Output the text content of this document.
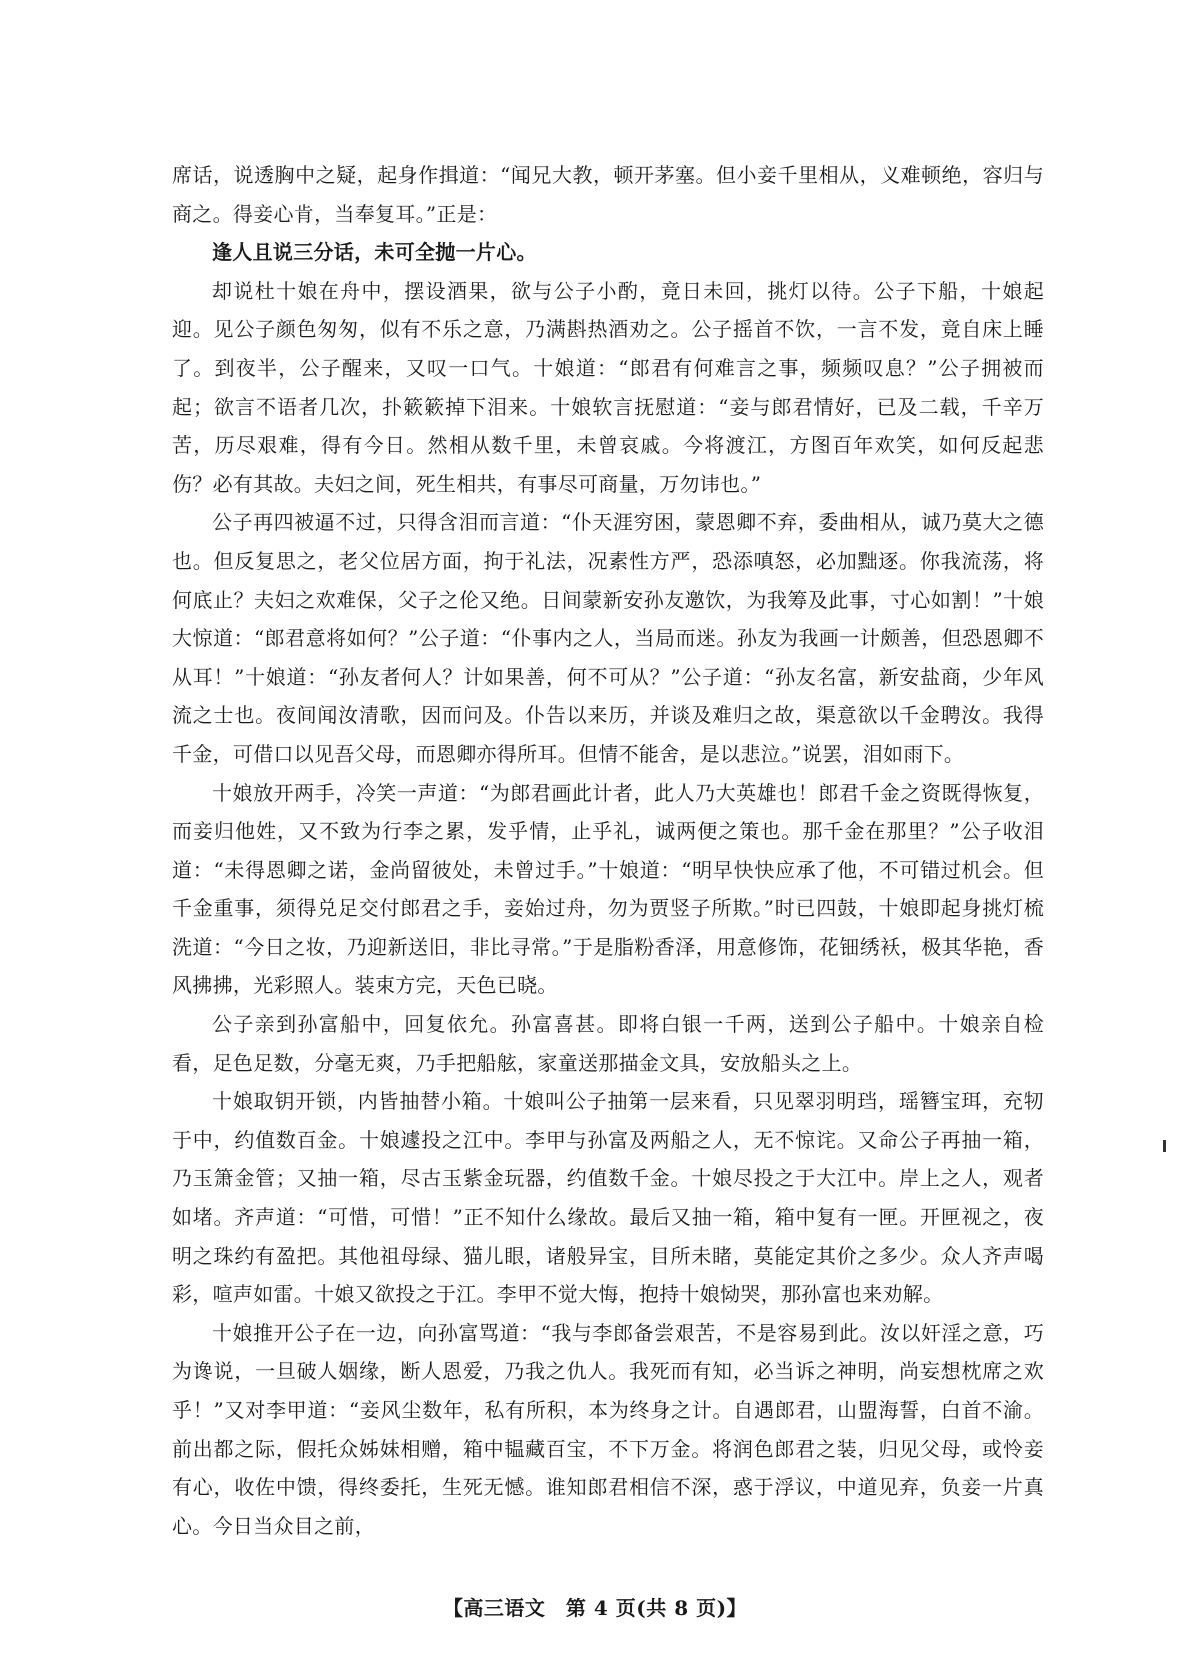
席话，说透胸中之疑，起身作揖道：“闻兄大教，顿开茅塞。但小妾千里相从，义难顿绝，容归与商之。得妾心肯，当奉复耳。”正是：

逢人且说三分话，未可全抛一片心。

却说杜十娘在舟中，摆设酒果，欲与公子小酌，竟日未回，挑灯以待。公子下船，十娘起迎。见公子颜色匆匆，似有不乐之意，乃满斟热酒劝之。公子摇首不饮，一言不发，竟自床上睡了。到夜半，公子醒来，又叹一口气。十娘道：“郎君有何难言之事，频频叹息？”公子拥被而起；欲言不语者几次，扑簌簌掉下泪来。十娘软言抚慰道：“妾与郎君情好，已及二载，千辛万苦，历尽艰难，得有今日。然相从数千里，未曾哀戚。今将渡江，方图百年欢笑，如何反起悲伤？必有其故。夫妇之间，死生相共，有事尽可商量，万勿讳也。”

公子再四被逼不过，只得含泪而言道：“仆天涯穷困，蒙恩卿不弃，委曲相从，诚乃莫大之德也。但反复思之，老父位居方面，拘于礼法，况素性方严，恐添嗔怒，必加黜逐。你我流荡，将何底止？夫妇之欢难保，父子之伦又绝。日间蒙新安孙友邀饮，为我筹及此事，寸心如割！”十娘大惊道：“郎君意将如何？”公子道：“仆事内之人，当局而迷。孙友为我画一计颇善，但恐恩卿不从耳！”十娘道：“孙友者何人？计如果善，何不可从？”公子道：“孙友名富，新安盐商，少年风流之士也。夜间闻汝清歌，因而问及。仆告以来历，并谈及难归之故，渠意欲以千金聘汝。我得千金，可借口以见吾父母，而恩卿亦得所耳。但情不能舍，是以悲泣。”说罢，泪如雨下。

十娘放开两手，冷笑一声道：“为郎君画此计者，此人乃大英雄也！郎君千金之资既得恢复，而妾归他姓，又不致为行李之累，发乎情，止乎礼，诚两便之策也。那千金在那里？”公子收泪道：“未得恩卿之诺，金尚留彼处，未曾过手。”十娘道：“明早快快应承了他，不可错过机会。但千金重事，须得兑足交付郎君之手，妾始过舟，勿为贾竖子所欺。”时已四鼓，十娘即起身挑灯梳洗道：“今日之妆，乃迎新送旧，非比寻常。”于是脂粉香泽，用意修饰，花钿绣袄，极其华艳，香风拂拂，光彩照人。装束方完，天色已晓。

公子亲到孙富船中，回复依允。孙富喜甚。即将白银一千两，送到公子船中。十娘亲自检看，足色足数，分毫无爽，乃手把船舷，家童送那描金文具，安放船头之上。

十娘取钥开锁，内皆抽替小箱。十娘叫公子抽第一层来看，只见翠羽明珰，瑶簪宝珥，充牣于中，约值数百金。十娘遽投之江中。李甲与孙富及两船之人，无不惊诧。又命公子再抽一箱，乃玉箫金管；又抽一箱，尽古玉紫金玩器，约值数千金。十娘尽投之于大江中。岸上之人，观者如堵。齐声道：“可惜，可惜！”正不知什么缘故。最后又抽一箱，箱中复有一匣。开匣视之，夜明之珠约有盈把。其他祖母绿、猫儿眼，诸般异宝，目所未睹，莫能定其价之多少。众人齐声喝彩，喧声如雷。十娘又欲投之于江。李甲不觉大悔，抱持十娘恸哭，那孙富也来劝解。

十娘推开公子在一边，向孙富骂道：“我与李郎备尝艰苦，不是容易到此。汝以奸淫之意，巧为谗说，一旦破人姻缘，断人恩爱，乃我之仇人。我死而有知，必当诉之神明，尚妄想枕席之欢乎！”又对李甲道：“妾风尘数年，私有所积，本为终身之计。自遇郎君，山盟海誓，白首不渝。前出都之际，假托众姊妹相赠，箱中韫藏百宝，不下万金。将润色郎君之装，归见父母，或怜妾有心，收佐中馈，得终委托，生死无憾。谁知郎君相信不深，惑于浮议，中道见弃，负妾一片真心。今日当众目之前，

【高三语文　第 4 页(共 8 页)】
